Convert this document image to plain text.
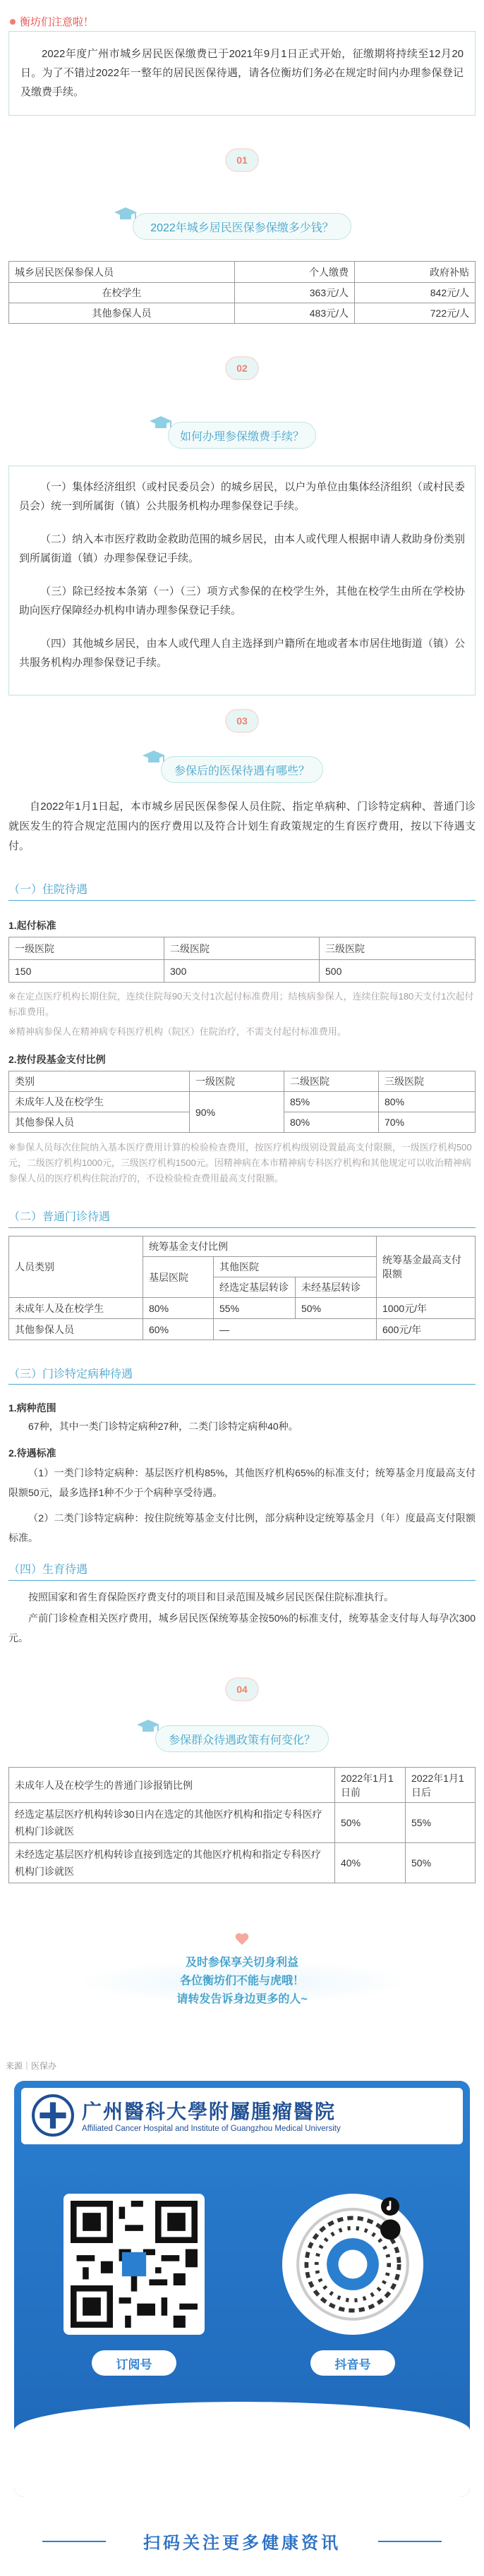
衡坊们注意啦！

2022年度广州市城乡居民医保缴费已于2021年9月1日正式开始，征缴期将持续至12月20日。为了不错过2022年一整年的居民医保待遇，请各位衡坊们务必在规定时间内办理参保登记及缴费手续。

01
2022年城乡居民医保参保缴多少钱？
城乡居民医保参保人员	个人缴费	政府补贴
在校学生	363元/人	842元/人
其他参保人员	483元/人	722元/人
02
如何办理参保缴费手续？

（一）集体经济组织（或村民委员会）的城乡居民，以户为单位由集体经济组织（或村民委员会）统一到所属街（镇）公共服务机构办理参保登记手续。

（二）纳入本市医疗救助金救助范围的城乡居民，由本人或代理人根据申请人救助身份类别到所属街道（镇）办理参保登记手续。

（三）除已经按本条第（一）（三）项方式参保的在校学生外，其他在校学生由所在学校协助向医疗保障经办机构申请办理参保登记手续。

（四）其他城乡居民，由本人或代理人自主选择到户籍所在地或者本市居住地街道（镇）公共服务机构办理参保登记手续。

03
参保后的医保待遇有哪些？

自2022年1月1日起，本市城乡居民医保参保人员住院、指定单病种、门诊特定病种、普通门诊就医发生的符合规定范围内的医疗费用以及符合计划生育政策规定的生育医疗费用，按以下待遇支付。

（一）住院待遇
1.起付标准
一级医院	二级医院	三级医院
150	300	500
※在定点医疗机构长期住院，连续住院每90天支付1次起付标准费用；结核病参保人，连续住院每180天支付1次起付标准费用。
※精神病参保人在精神病专科医疗机构（院区）住院治疗，不需支付起付标准费用。
2.按付段基金支付比例
类别	一级医院	二级医院	三级医院
未成年人及在校学生	90%	85%	80%
其他参保人员		80%	70%
※参保人员每次住院纳入基本医疗费用计算的检验检查费用，按医疗机构级别设置最高支付限额，一级医疗机构500元，二级医疗机构1000元，三级医疗机构1500元。因精神病在本市精神病专科医疗机构和其他规定可以收治精神病参保人员的医疗机构住院治疗的，不设检验检查费用最高支付限额。
（二）普通门诊待遇
人员类别	统筹基金支付比例			统筹基金最高支付限额
	基层医院	其他医院		
		经选定基层转诊	未经基层转诊	
未成年人及在校学生	80%	55%	50%	1000元/年
其他参保人员	60%	—		600元/年
（三）门诊特定病种待遇
1.病种范围

67种，其中一类门诊特定病种27种，二类门诊特定病种40种。

2.待遇标准

（1）一类门诊特定病种：基层医疗机构85%，其他医疗机构65%的标准支付；统筹基金月度最高支付限额50元，最多选择1种不少于个病种享受待遇。

（2）二类门诊特定病种：按住院统筹基金支付比例，部分病种设定统筹基金月（年）度最高支付限额标准。

（四）生育待遇

按照国家和省生育保险医疗费支付的项目和目录范围及城乡居民医保住院标准执行。

产前门诊检查相关医疗费用，城乡居民医保统筹基金按50%的标准支付，统筹基金支付每人每孕次300元。

04
参保群众待遇政策有何变化？
未成年人及在校学生的普通门诊报销比例	2022年1月1日前	2022年1月1日后
经选定基层医疗机构转诊30日内在选定的其他医疗机构和指定专科医疗机构门诊就医	50%	55%
未经选定基层医疗机构转诊直接到选定的其他医疗机构和指定专科医疗机构门诊就医	40%	50%
及时参保享关切身利益
各位衡坊们不能与虎哦！
请转发告诉身边更多的人~
来源｜医保办
广州醫科大學附屬腫瘤醫院
Affiliated Cancer Hospital and Institute of Guangzhou Medical University
订阅号	抖音号
扫码关注更多健康资讯
